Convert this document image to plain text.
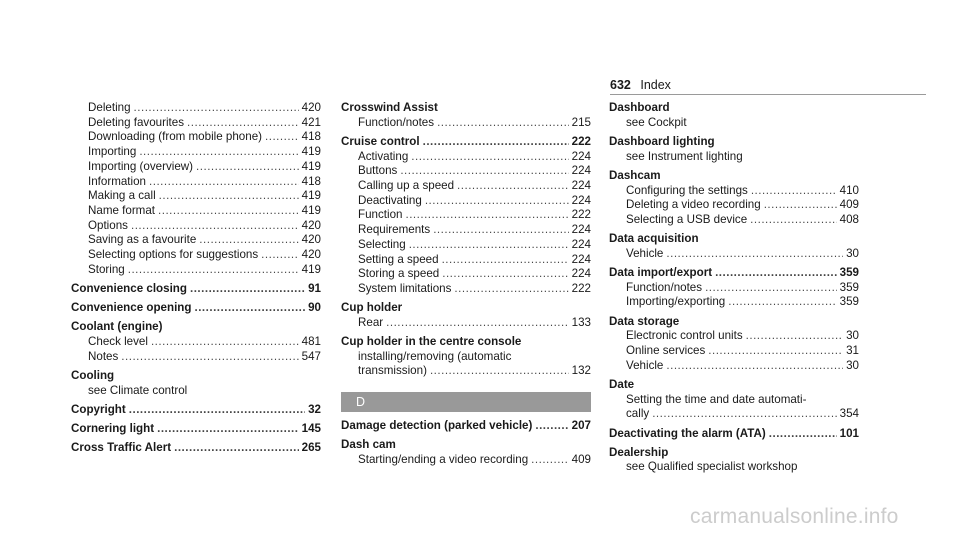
632 Index
Deleting .....	420
Deleting favourites .....	421
Downloading (from mobile phone) .....	418
Importing .....	419
Importing (overview) .....	419
Information .....	418
Making a call .....	419
Name format .....	419
Options .....	420
Saving as a favourite .....	420
Selecting options for suggestions .....	420
Storing .....	419
Convenience closing .....	91
Convenience opening .....	90
Coolant (engine)
Check level .....	481
Notes .....	547
Cooling
see Climate control
Copyright .....	32
Cornering light .....	145
Cross Traffic Alert .....	265
Crosswind Assist
Function/notes .....	215
Cruise control .....	222
Activating .....	224
Buttons .....	224
Calling up a speed .....	224
Deactivating .....	224
Function .....	222
Requirements .....	224
Selecting .....	224
Setting a speed .....	224
Storing a speed .....	224
System limitations .....	222
Cup holder
Rear .....	133
Cup holder in the centre console
installing/removing (automatic
transmission) .....	132
D
Damage detection (parked vehicle) .....	207
Dash cam
Starting/ending a video recording .....	409
Dashboard
see Cockpit
Dashboard lighting
see Instrument lighting
Dashcam
Configuring the settings .....	410
Deleting a video recording .....	409
Selecting a USB device .....	408
Data acquisition
Vehicle .....	30
Data import/export .....	359
Function/notes .....	359
Importing/exporting .....	359
Data storage
Electronic control units .....	30
Online services .....	31
Vehicle .....	30
Date
Setting the time and date automati-
cally .....	354
Deactivating the alarm (ATA) .....	101
Dealership
see Qualified specialist workshop
carmanualsonline.info
